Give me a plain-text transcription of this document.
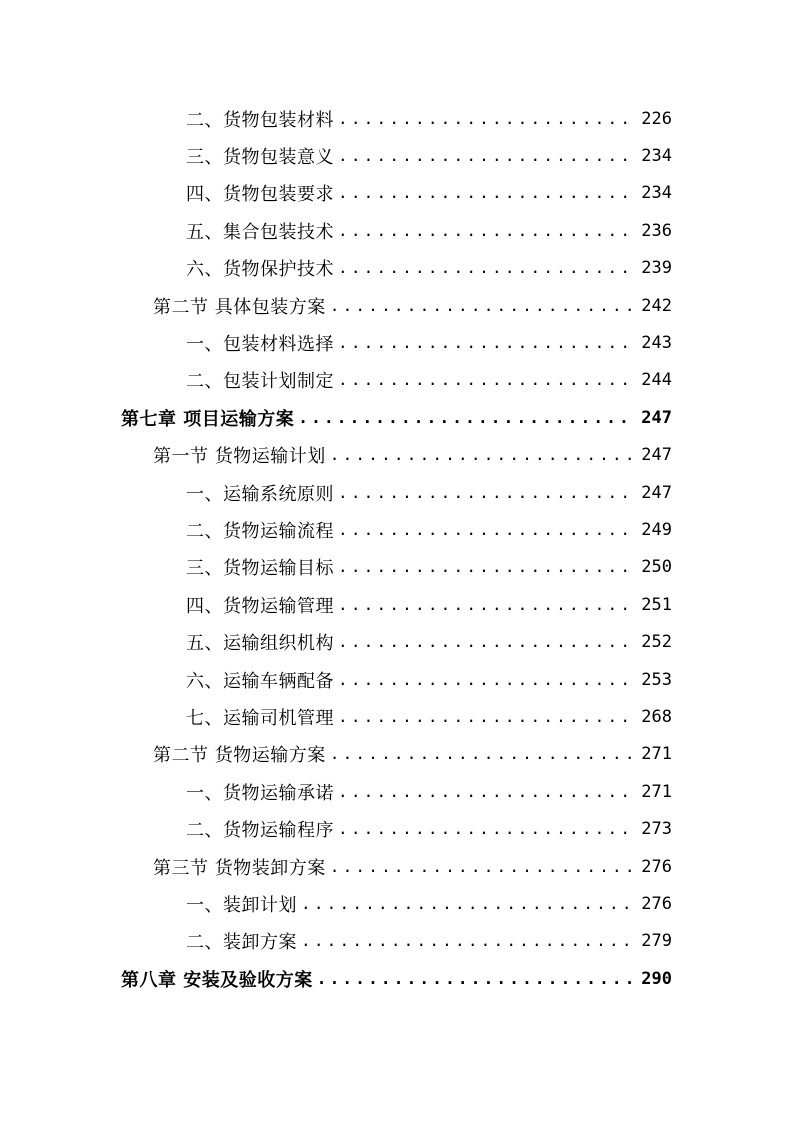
二、货物包装材料 .....	226
三、货物包装意义 .....	234
四、货物包装要求 .....	234
五、集合包装技术 .....	236
六、货物保护技术 .....	239
第二节 具体包装方案 .....	242
一、包装材料选择 .....	243
二、包装计划制定 .....	244
第七章 项目运输方案 .....	247
第一节 货物运输计划 .....	247
一、运输系统原则 .....	247
二、货物运输流程 .....	249
三、货物运输目标 .....	250
四、货物运输管理 .....	251
五、运输组织机构 .....	252
六、运输车辆配备 .....	253
七、运输司机管理 .....	268
第二节 货物运输方案 .....	271
一、货物运输承诺 .....	271
二、货物运输程序 .....	273
第三节 货物装卸方案 .....	276
一、装卸计划 .....	276
二、装卸方案 .....	279
第八章 安装及验收方案 .....	290
